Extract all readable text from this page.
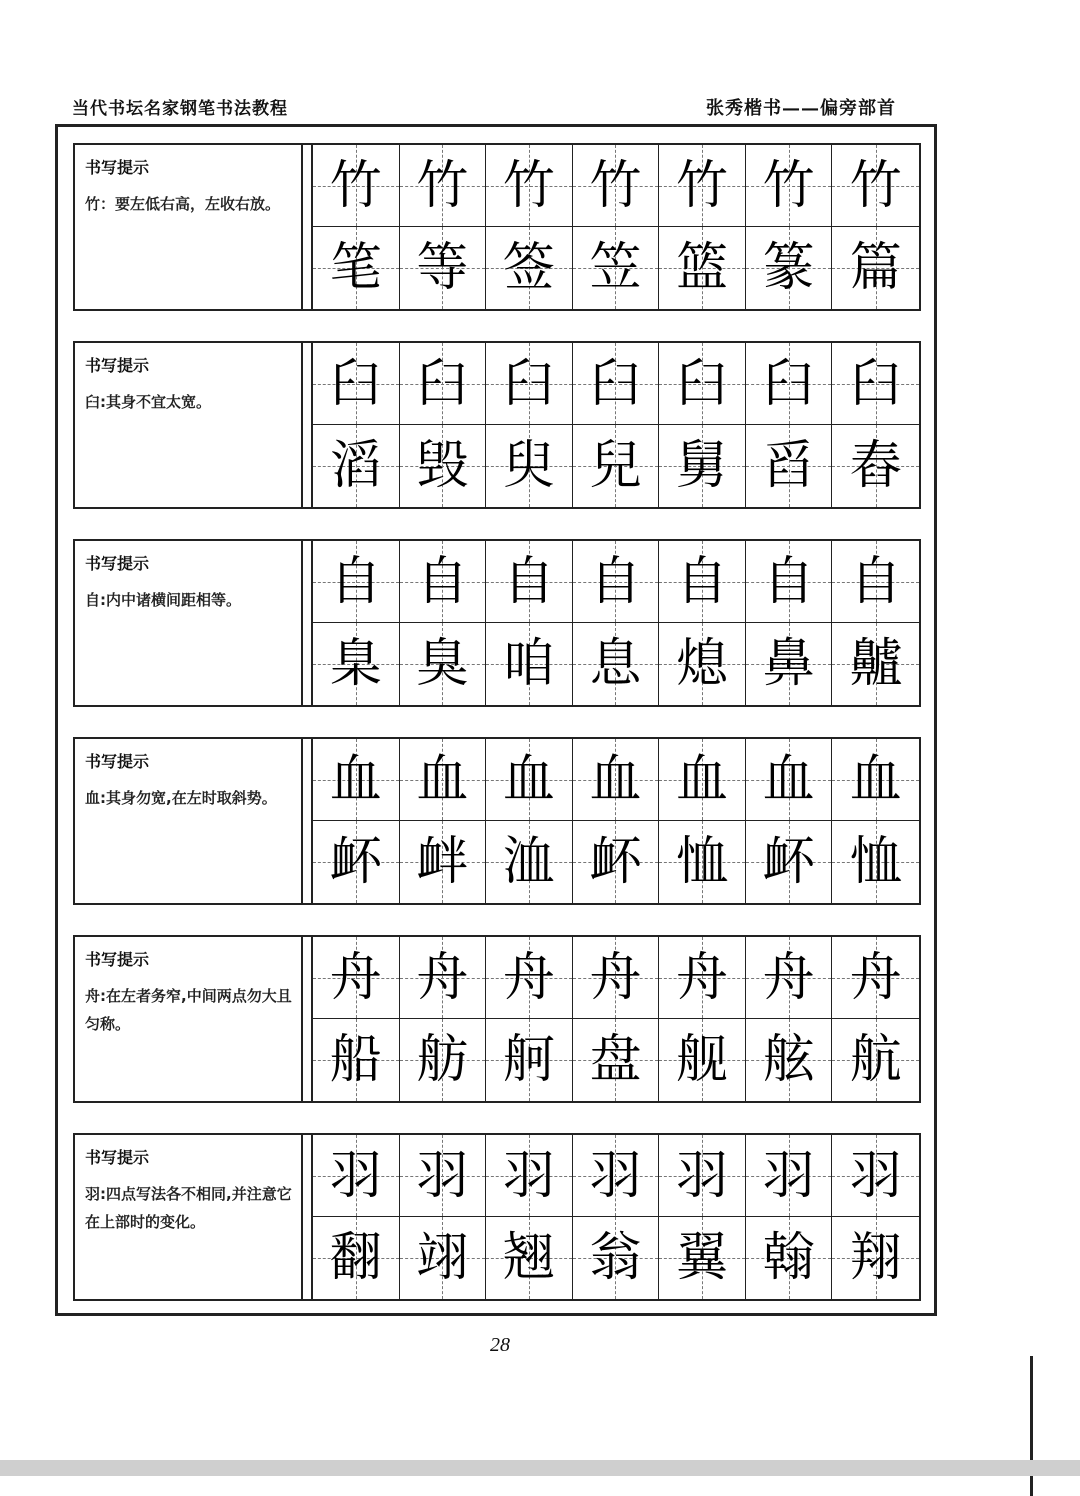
当代书坛名家钢笔书法教程	张秀楷书——偏旁部首
书写提示
竹：要左低右高，左收右放。 竹 竹 竹 竹 竹 竹 竹
笔 等 签 笠 篮 篆 篇
书写提示
臼:其身不宜太宽。	臼 臼 臼 臼 臼 臼 臼
滔 毁 臾 兒 舅 舀 舂
书写提示
自:内中诸横间距相等。	自 自 自 自 自 自 自
臬 臭 咱 息 熄 鼻 齇
书写提示
血:其身勿宽,在左时取斜势。	血 血 血 血 血 血 血
衃 衅 洫 衃 恤 衃 恤
书写提示
舟:在左者务窄,中间两点勿大且匀称。
舟 舟 舟 舟 舟 舟 舟
船 舫 舸 盘 舰 舷 航
书写提示
羽:四点写法各不相同,并注意它在上部时的变化。
羽 羽 羽 羽 羽 羽 羽
翻 翊 翘 翁 翼 翰 翔
28
